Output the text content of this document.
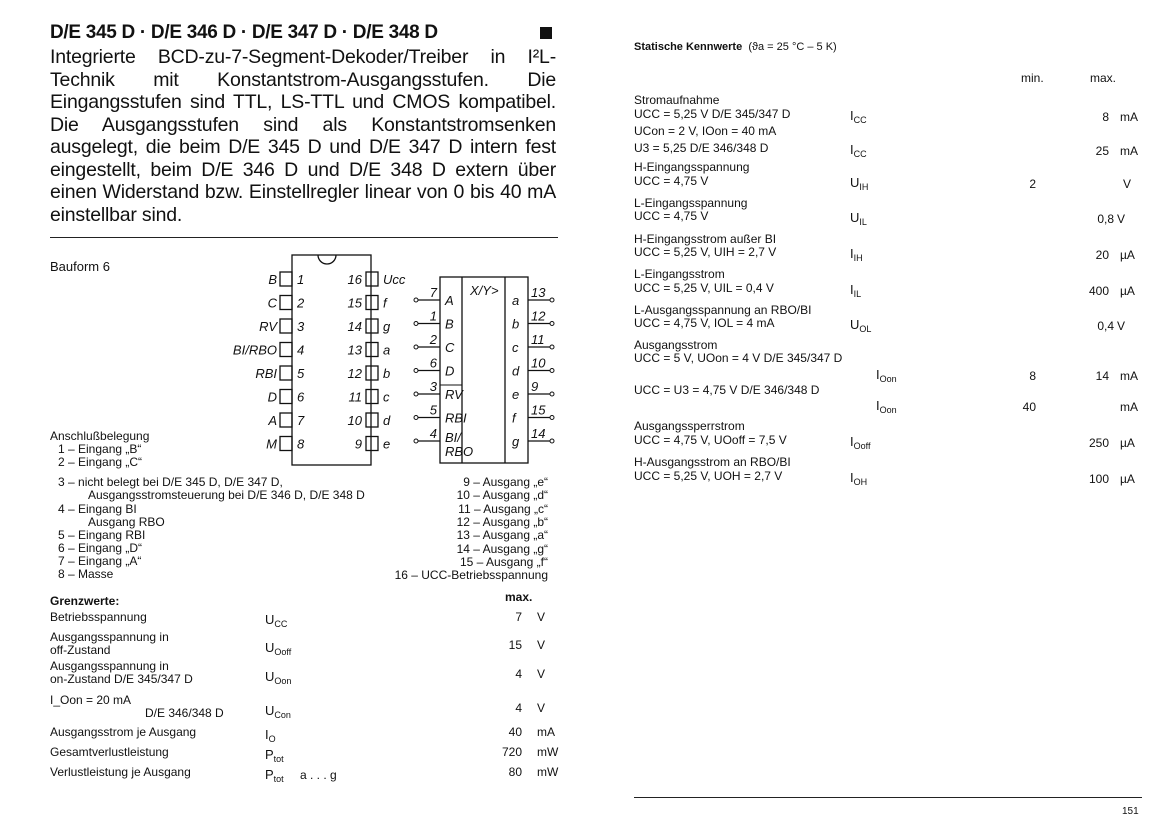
D/E 345 D · D/E 346 D · D/E 347 D · D/E 348 D
Integrierte BCD-zu-7-Segment-Dekoder/Treiber in I²L-Technik mit Konstantstrom-Ausgangsstufen. Die Eingangsstufen sind TTL, LS-TTL und CMOS kompatibel. Die Ausgangsstufen sind als Konstantstromsenken ausgelegt, die beim D/E 345 D und D/E 347 D intern fest eingestellt, beim D/E 346 D und D/E 348 D extern über einen Widerstand bzw. Einstellregler linear von 0 bis 40 mA einstellbar sind.
Bauform 6
B 1
C 2
RV 3
BI/RBO 4
RBI 5
D 6
A 7
M 8
16 Ucc
15 f
14 g
13 a
12 b
11 c
10 d
9 e
X/Y>
7
A
1
B
2
C
6
D
3
RV
5
RBI
4 BI/
RBO
13
a
12
b
11
c
10
d
9
e
15
f
14
g
Anschlußbelegung
1 – Eingang „B“
2 – Eingang „C“
3 – nicht belegt bei D/E 345 D, D/E 347 D,
Ausgangsstromsteuerung bei D/E 346 D, D/E 348 D
4 – Eingang BI
Ausgang RBO
5 – Eingang RBI
6 – Eingang „D“
7 – Eingang „A“
8 – Masse
9 – Ausgang „e“
10 – Ausgang „d“
11 – Ausgang „c“
12 – Ausgang „b“
13 – Ausgang „a“
14 – Ausgang „g“
15 – Ausgang „f“
16 – UCC-Betriebsspannung
Grenzwerte:	max.
Betriebsspannung	$U_{CC}$	7 V
Ausgangsspannung in
off-Zustand	$U_{Ooff}$	15 V
Ausgangsspannung in
on-Zustand D/E 345/347 D	$U_{Oon}$	4 V
I_Oon = 20 mA
D/E 346/348 D	$U_{Con}$	4 V
Ausgangsstrom je Ausgang	$I_O$	40 mA
Gesamtverlustleistung	$P_{tot}$	720 mW
Verlustleistung je Ausgang	$P_{tot}$ a . . . g	80 mW
Statische Kennwerte (ϑa = 25 °C – 5 K)
min.	max.
Stromaufnahme
UCC = 5,25 V D/E 345/347 D	$I_{CC}$	8 mA
UCon = 2 V, IOon = 40 mA
U3 = 5,25 D/E 346/348 D	$I_{CC}$	25 mA
H-Eingangsspannung
UCC = 4,75 V	$U_{IH}$	2	V
L-Eingangsspannung
UCC = 4,75 V	$U_{IL}$	0,8 V
H-Eingangsstrom außer BI
UCC = 5,25 V, UIH = 2,7 V	$I_{IH}$	20 µA
L-Eingangsstrom
UCC = 5,25 V, UIL = 0,4 V	$I_{IL}$	400 µA
L-Ausgangsspannung an RBO/BI
UCC = 4,75 V, IOL = 4 mA	$U_{OL}$	0,4 V
Ausgangsstrom
UCC = 5 V, UOon = 4 V D/E 345/347 D
$I_{Oon}$	8	14 mA
UCC = U3 = 4,75 V D/E 346/348 D
$I_{Oon}$	40	mA
Ausgangssperrstrom
UCC = 4,75 V, UOoff = 7,5 V	$I_{Ooff}$	250 µA
H-Ausgangsstrom an RBO/BI
UCC = 5,25 V, UOH = 2,7 V	$I_{OH}$	100 µA
151
